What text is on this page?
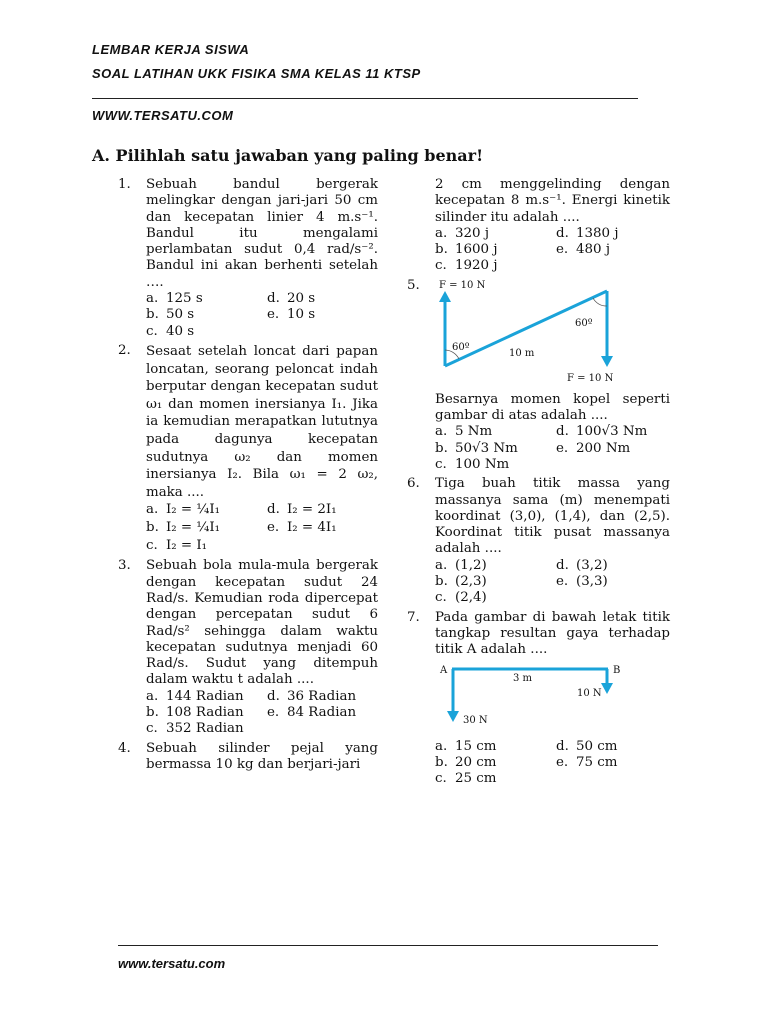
LEMBAR KERJA SISWA
SOAL LATIHAN UKK FISIKA SMA KELAS 11 KTSP
WWW.TERSATU.COM
A. Pilihlah satu jawaban yang paling benar!
1. Sebuah bandul bergerak melingkar dengan jari-jari 50 cm dan kecepatan linier 4 m.s⁻¹. Bandul itu mengalami perlambatan sudut 0,4 rad/s⁻². Bandul ini akan berhenti setelah ….

a. 125 s	d. 20 s
b. 50 s	e. 10 s
c. 40 s
2. Sesaat setelah loncat dari papan loncatan, seorang peloncat indah berputar dengan kecepatan sudut ω₁ dan momen inersianya I₁. Jika ia kemudian merapatkan lututnya pada dagunya kecepatan sudutnya ω₂ dan momen inersianya I₂. Bila ω₁ = 2 ω₂, maka ....

a. I₂ = ¼I₁	d. I₂ = 2I₁
b. I₂ = ¼I₁	e. I₂ = 4I₁
c. I₂ = I₁
3. Sebuah bola mula-mula bergerak dengan kecepatan sudut 24 Rad/s. Kemudian roda dipercepat dengan percepatan sudut 6 Rad/s² sehingga dalam waktu kecepatan sudutnya menjadi 60 Rad/s. Sudut yang ditempuh dalam waktu t adalah ....

a. 144 Radian d. 36 Radian
b. 108 Radian e. 84 Radian
c. 352 Radian
4. Sebuah silinder pejal yang bermassa 10 kg dan berjari-jari

2 cm menggelinding dengan kecepatan 8 m.s⁻¹. Energi kinetik silinder itu adalah ....

a. 320 j	d. 1380 j
b. 1600 j	e. 480 j
c. 1920 j
5. F = 10 N
60º
60º
10 m
F = 10 N

Besarnya momen kopel seperti gambar di atas adalah ....

a. 5 Nm	d. 100√3 Nm
b. 50√3 Nm	e. 200 Nm
c. 100 Nm
6. Tiga buah titik massa yang massanya sama (m) menempati koordinat (3,0), (1,4), dan (2,5). Koordinat titik pusat massanya adalah ....

a. (1,2)	d. (3,2)
b. (2,3)	e. (3,3)
c. (2,4)
7. Pada gambar di bawah letak titik tangkap resultan gaya terhadap titik A adalah ....

A	B
3 m
10 N
30 N
a. 15 cm	d. 50 cm
b. 20 cm	e. 75 cm
c. 25 cm
www.tersatu.com
